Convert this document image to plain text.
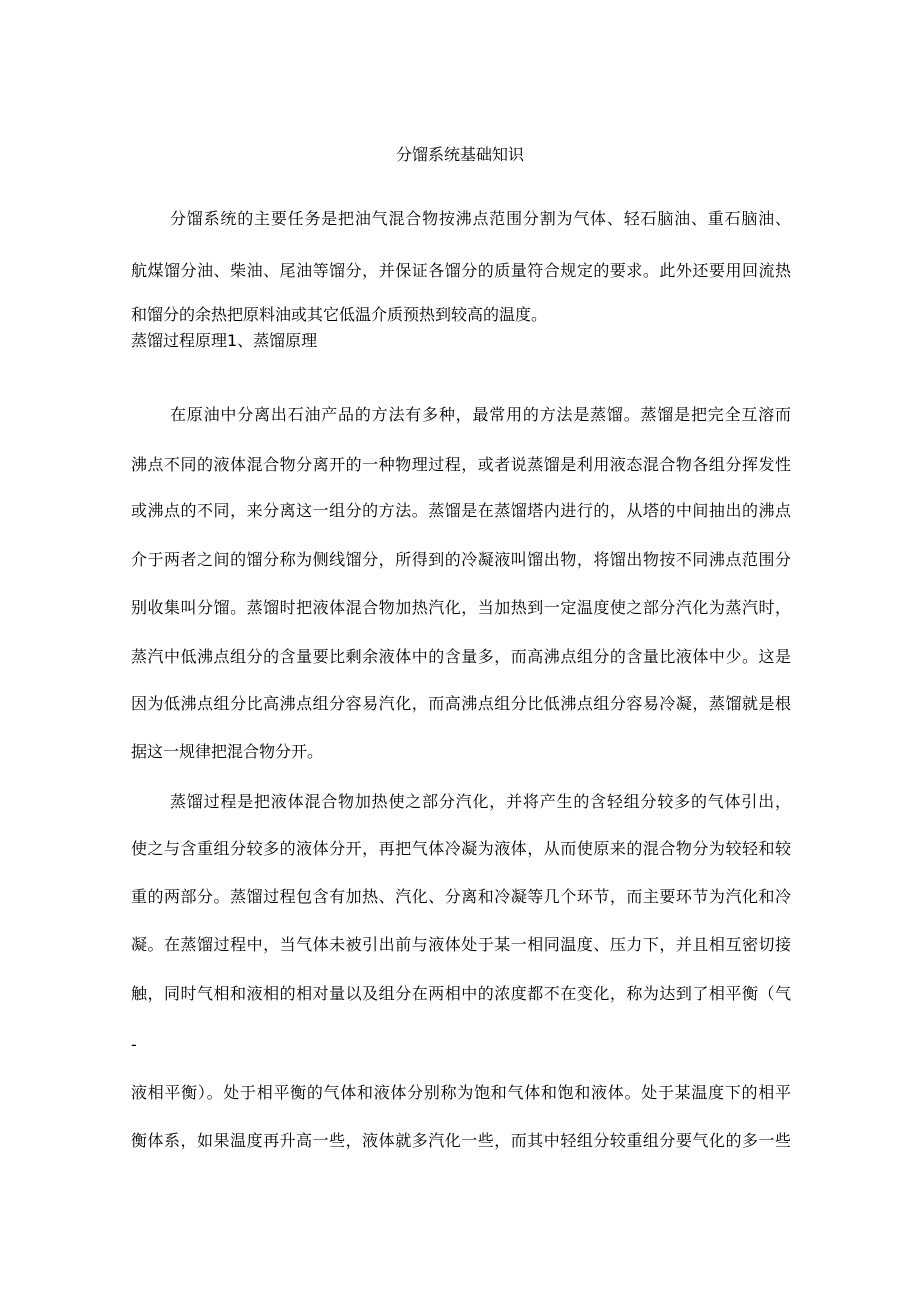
分馏系统基础知识
分馏系统的主要任务是把油气混合物按沸点范围分割为气体、轻石脑油、重石脑油、
航煤馏分油、柴油、尾油等馏分，并保证各馏分的质量符合规定的要求。此外还要用回流热
和馏分的余热把原料油或其它低温介质预热到较高的温度。
蒸馏过程原理1、蒸馏原理
在原油中分离出石油产品的方法有多种，最常用的方法是蒸馏。蒸馏是把完全互溶而
沸点不同的液体混合物分离开的一种物理过程，或者说蒸馏是利用液态混合物各组分挥发性
或沸点的不同，来分离这一组分的方法。蒸馏是在蒸馏塔内进行的，从塔的中间抽出的沸点
介于两者之间的馏分称为侧线馏分，所得到的冷凝液叫馏出物，将馏出物按不同沸点范围分
别收集叫分馏。蒸馏时把液体混合物加热汽化，当加热到一定温度使之部分汽化为蒸汽时，
蒸汽中低沸点组分的含量要比剩余液体中的含量多，而高沸点组分的含量比液体中少。这是
因为低沸点组分比高沸点组分容易汽化，而高沸点组分比低沸点组分容易冷凝，蒸馏就是根
据这一规律把混合物分开。
蒸馏过程是把液体混合物加热使之部分汽化，并将产生的含轻组分较多的气体引出，
使之与含重组分较多的液体分开，再把气体冷凝为液体，从而使原来的混合物分为较轻和较
重的两部分。蒸馏过程包含有加热、汽化、分离和冷凝等几个环节，而主要环节为汽化和冷
凝。在蒸馏过程中，当气体未被引出前与液体处于某一相同温度、压力下，并且相互密切接
触，同时气相和液相的相对量以及组分在两相中的浓度都不在变化，称为达到了相平衡（气
-
液相平衡）。处于相平衡的气体和液体分别称为饱和气体和饱和液体。处于某温度下的相平
衡体系，如果温度再升高一些，液体就多汽化一些，而其中轻组分较重组分要气化的多一些
